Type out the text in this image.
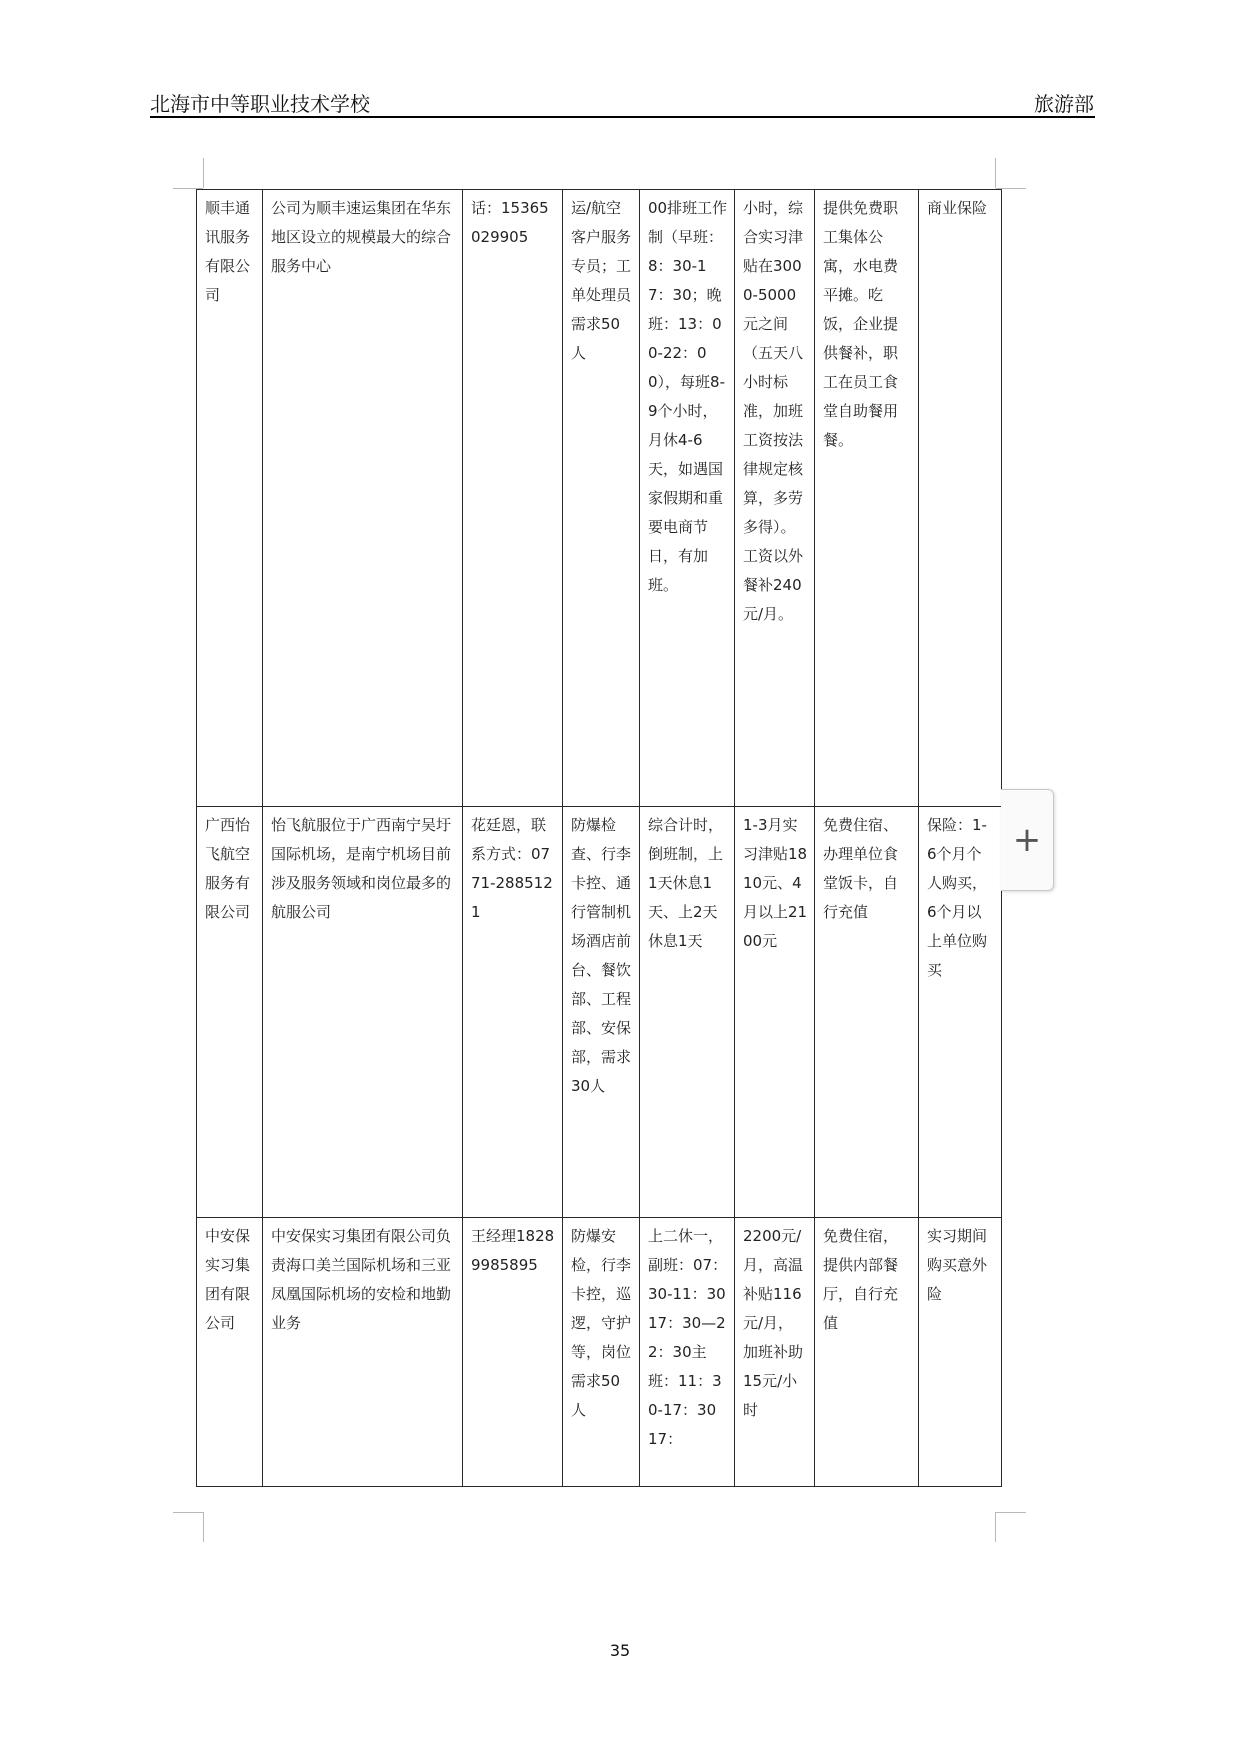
北海市中等职业技术学校	旅游部
顺丰通讯服务有限公司	公司为顺丰速运集团在华东地区设立的规模最大的综合服务中心	话：15365029905	运/航空客户服务专员；工单处理员需求50人	00排班工作制（早班：8：30-17：30；晚班：13：00-22：00），每班8-9个小时，月休4-6天，如遇国家假期和重要电商节日，有加班。	小时，综合实习津贴在3000-5000元之间（五天八小时标准，加班工资按法律规定核算，多劳多得）。工资以外餐补240元/月。	提供免费职工集体公寓，水电费平摊。吃饭，企业提供餐补，职工在员工食堂自助餐用餐。	商业保险
广西怡飞航空服务有限公司	怡飞航服位于广西南宁吴圩国际机场，是南宁机场目前涉及服务领域和岗位最多的航服公司	花廷恩，联系方式：0771-2885121	防爆检查、行李卡控、通行管制机场酒店前台、餐饮部、工程部、安保部，需求30人	综合计时，倒班制，上1天休息1天、上2天休息1天	1-3月实习津贴1810元、4月以上2100元	免费住宿、办理单位食堂饭卡，自行充值	保险：1-6个月个人购买，6个月以上单位购买
中安保实习集团有限公司	中安保实习集团有限公司负责海口美兰国际机场和三亚凤凰国际机场的安检和地勤业务	王经理18289985895	防爆安检，行李卡控，巡逻，守护等，岗位需求50人	上二休一，副班：07：30-11：30 17：30—22：30主班：11：30-17：30 17：	2200元/月，高温补贴116元/月，加班补助15元/小时	免费住宿，提供内部餐厅，自行充值	实习期间购买意外险
+
35
